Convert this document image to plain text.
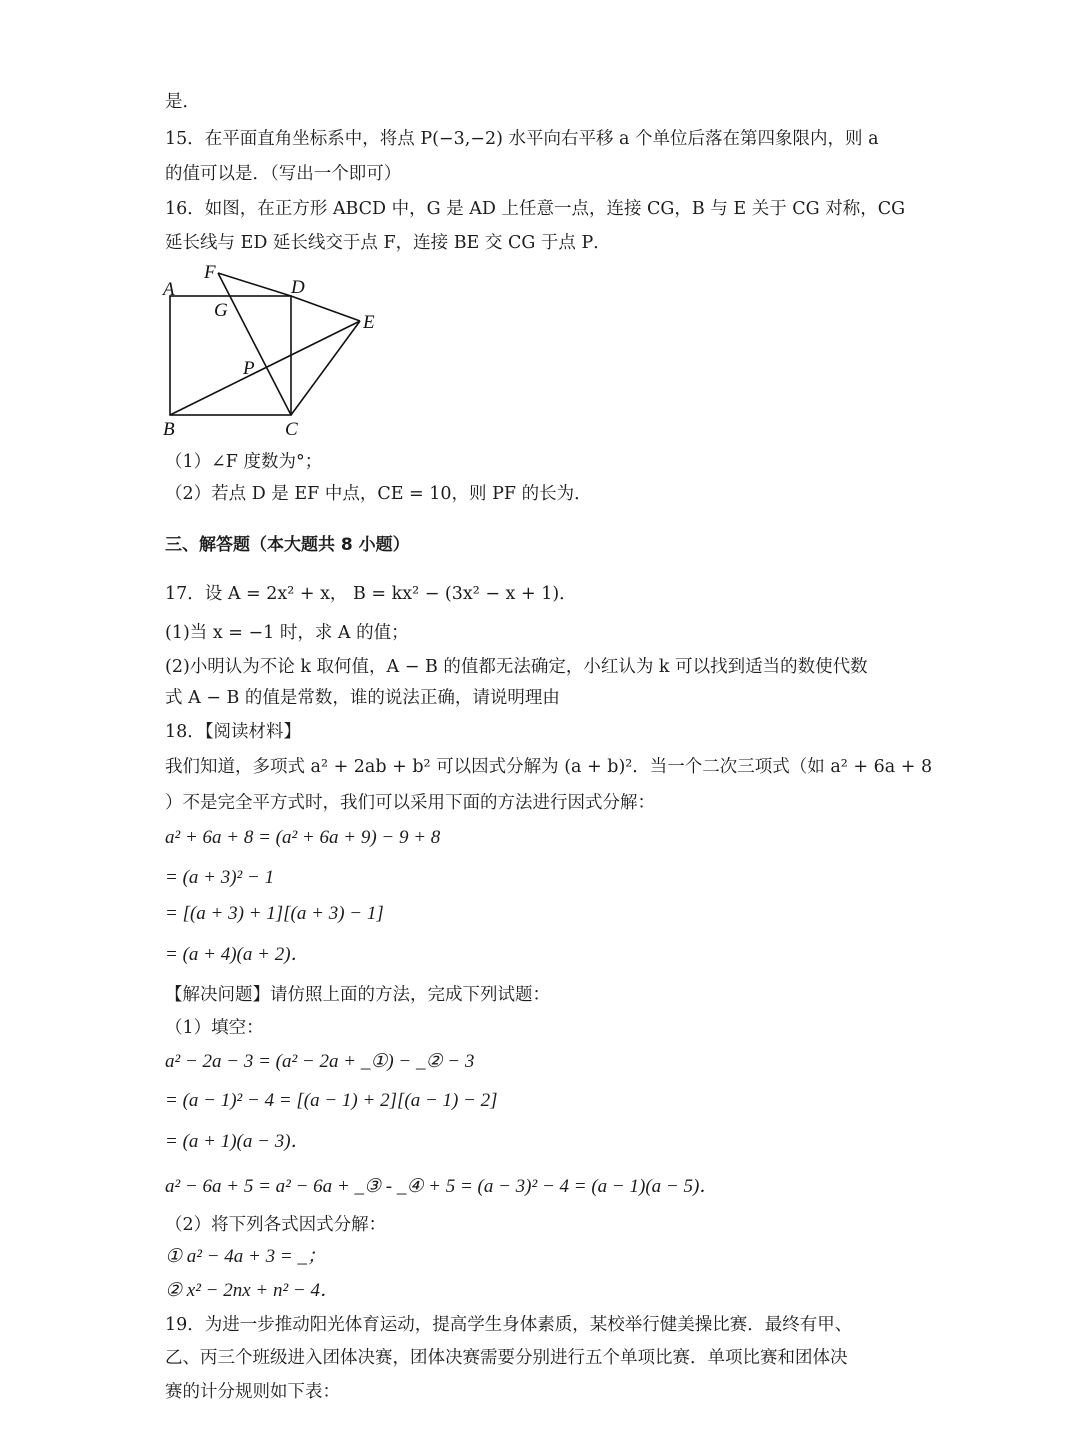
是．
15．在平面直角坐标系中，将点 P(−3,−2) 水平向右平移 a 个单位后落在第四象限内，则 a
的值可以是．（写出一个即可）
16．如图，在正方形 ABCD 中，G 是 AD 上任意一点，连接 CG，B 与 E 关于 CG 对称，CG
延长线与 ED 延长线交于点 F，连接 BE 交 CG 于点 P．
A
F
D
G
E
P
B	C
（1）∠F 度数为°；
（2）若点 D 是 EF 中点，CE = 10，则 PF 的长为．
三、解答题（本大题共 8 小题）
17．设 A = 2x² + x， B = kx² − (3x² − x + 1)．
(1)当 x = −1 时，求 A 的值；
(2)小明认为不论 k 取何值，A − B 的值都无法确定，小红认为 k 可以找到适当的数使代数
式 A − B 的值是常数，谁的说法正确，请说明理由
18．【阅读材料】
我们知道，多项式 a² + 2ab + b² 可以因式分解为 (a + b)²．当一个二次三项式（如 a² + 6a + 8
）不是完全平方式时，我们可以采用下面的方法进行因式分解：
a² + 6a + 8 = (a² + 6a + 9) − 9 + 8
= (a + 3)² − 1
= [(a + 3) + 1][(a + 3) − 1]
= (a + 4)(a + 2)．
【解决问题】请仿照上面的方法，完成下列试题：
（1）填空：
a² − 2a − 3 = (a² − 2a + _①) − _② − 3
= (a − 1)² − 4 = [(a − 1) + 2][(a − 1) − 2]
= (a + 1)(a − 3)．
a² − 6a + 5 = a² − 6a + _③ - _④ + 5 = (a − 3)² − 4 = (a − 1)(a − 5)．
（2）将下列各式因式分解：
① a² − 4a + 3 = _；
② x² − 2nx + n² − 4．
19．为进一步推动阳光体育运动，提高学生身体素质，某校举行健美操比赛．最终有甲、
乙、丙三个班级进入团体决赛，团体决赛需要分别进行五个单项比赛．单项比赛和团体决
赛的计分规则如下表：
